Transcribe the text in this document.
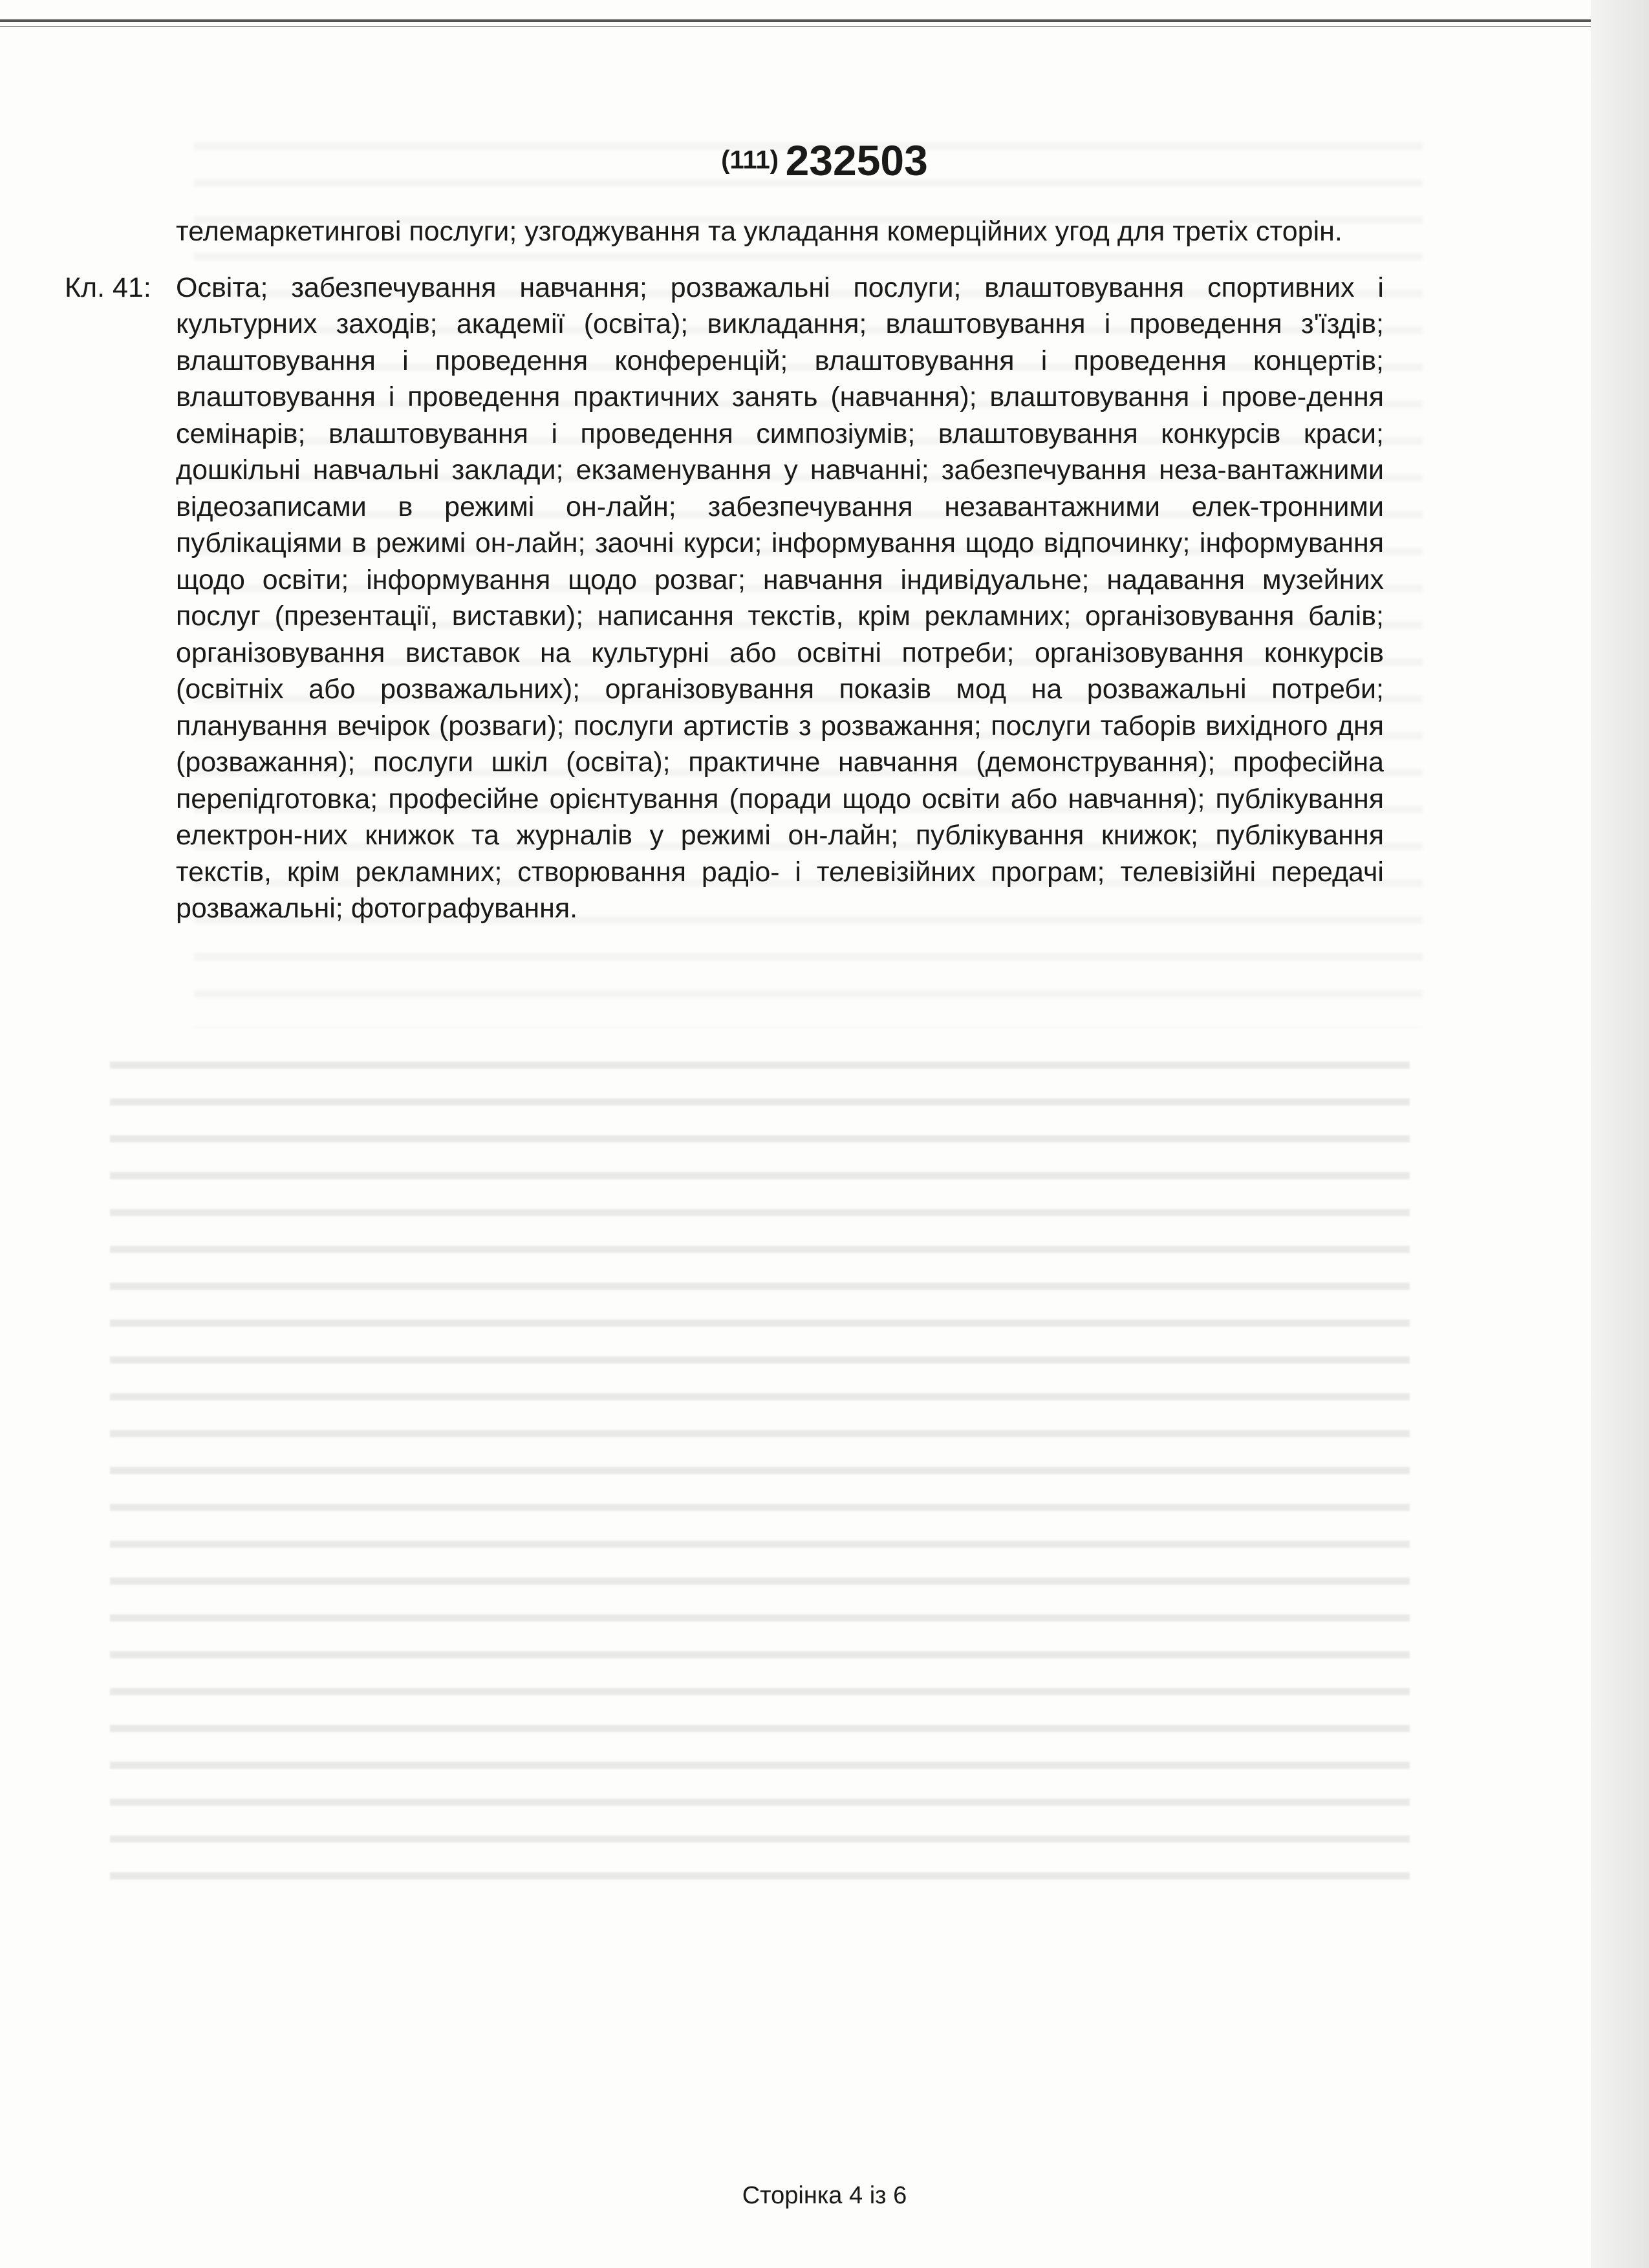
(111) 232503
телемаркетингові послуги; узгоджування та укладання комерційних угод для третіх сторін.
Кл. 41: Освіта; забезпечування навчання; розважальні послуги; влаштовування спортивних і культурних заходів; академії (освіта); викладання; влаштовування і проведення з'їздів; влаштовування і проведення конференцій; влаштовування і проведення концертів; влаштовування і проведення практичних занять (навчання); влаштовування і прове-дення семінарів; влаштовування і проведення симпозіумів; влаштовування конкурсів краси; дошкільні навчальні заклади; екзаменування у навчанні; забезпечування неза-вантажними відеозаписами в режимі он-лайн; забезпечування незавантажними елек-тронними публікаціями в режимі он-лайн; заочні курси; інформування щодо відпочинку; інформування щодо освіти; інформування щодо розваг; навчання індивідуальне; надавання музейних послуг (презентації, виставки); написання текстів, крім рекламних; організовування балів; організовування виставок на культурні або освітні потреби; організовування конкурсів (освітніх або розважальних); організовування показів мод на розважальні потреби; планування вечірок (розваги); послуги артистів з розважання; послуги таборів вихідного дня (розважання); послуги шкіл (освіта); практичне навчання (демонстрування); професійна перепідготовка; професійне орієнтування (поради щодо освіти або навчання); публікування електрон-них книжок та журналів у режимі он-лайн; публікування книжок; публікування текстів, крім рекламних; створювання радіо- і телевізійних програм; телевізійні передачі розважальні; фотографування.
Сторінка 4 із 6
